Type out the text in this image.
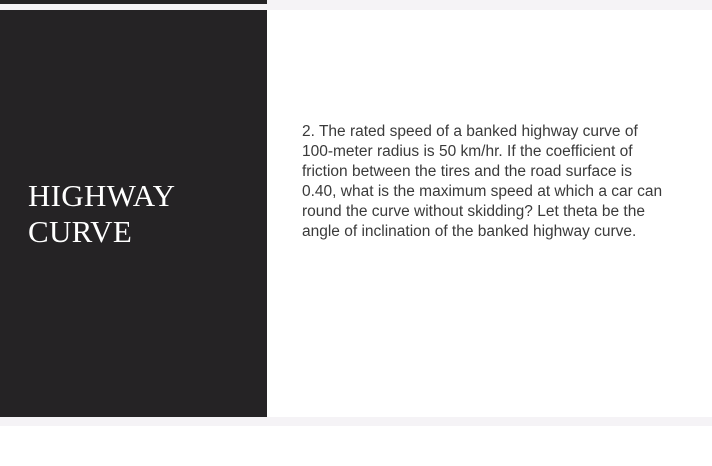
HIGHWAY
CURVE

2. The rated speed of a banked highway curve of 100-meter radius is 50 km/hr. If the coefficient of friction between the tires and the road surface is 0.40, what is the maximum speed at which a car can round the curve without skidding? Let theta be the angle of inclination of the banked highway curve.
